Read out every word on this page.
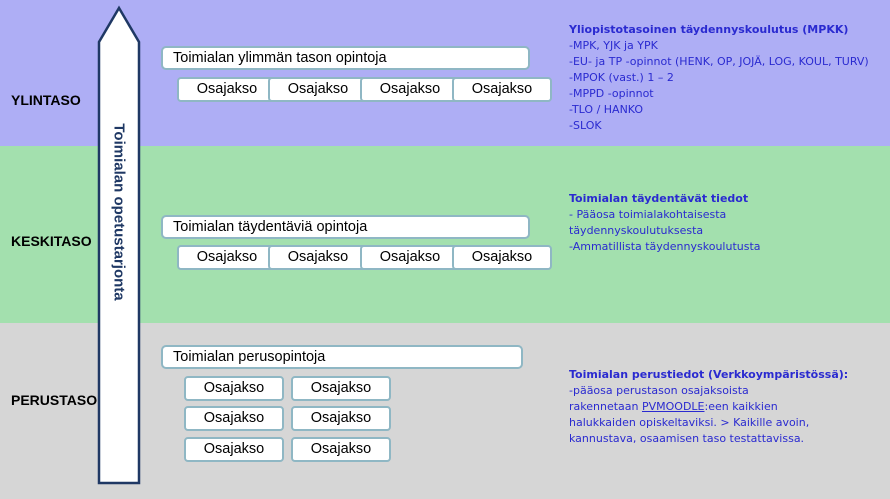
YLINTASO
KESKITASO
PERUSTASO
Toimialan opetustarjonta
Toimialan ylimmän tason opintoja
Osajakso	Osajakso	Osajakso	Osajakso
Toimialan täydentäviä opintoja
Osajakso	Osajakso	Osajakso	Osajakso
Toimialan perusopintoja
Osajakso	Osajakso
Osajakso	Osajakso
Osajakso	Osajakso
Yliopistotasoinen täydennyskoulutus (MPKK)
-MPK, YJK ja YPK
-EU- ja TP -opinnot (HENK, OP, JOJÄ, LOG, KOUL, TURV)
-MPOK (vast.) 1 – 2
-MPPD -opinnot
-TLO / HANKO
-SLOK
Toimialan täydentävät tiedot
- Pääosa toimialakohtaisesta
täydennyskoulutuksesta
-Ammatillista täydennyskoulutusta
Toimialan perustiedot (Verkkoympäristössä):
-pääosa perustason osajaksoista
rakennetaan PVMOODLE:een kaikkien
halukkaiden opiskeltaviksi. > Kaikille avoin,
kannustava, osaamisen taso testattavissa.
